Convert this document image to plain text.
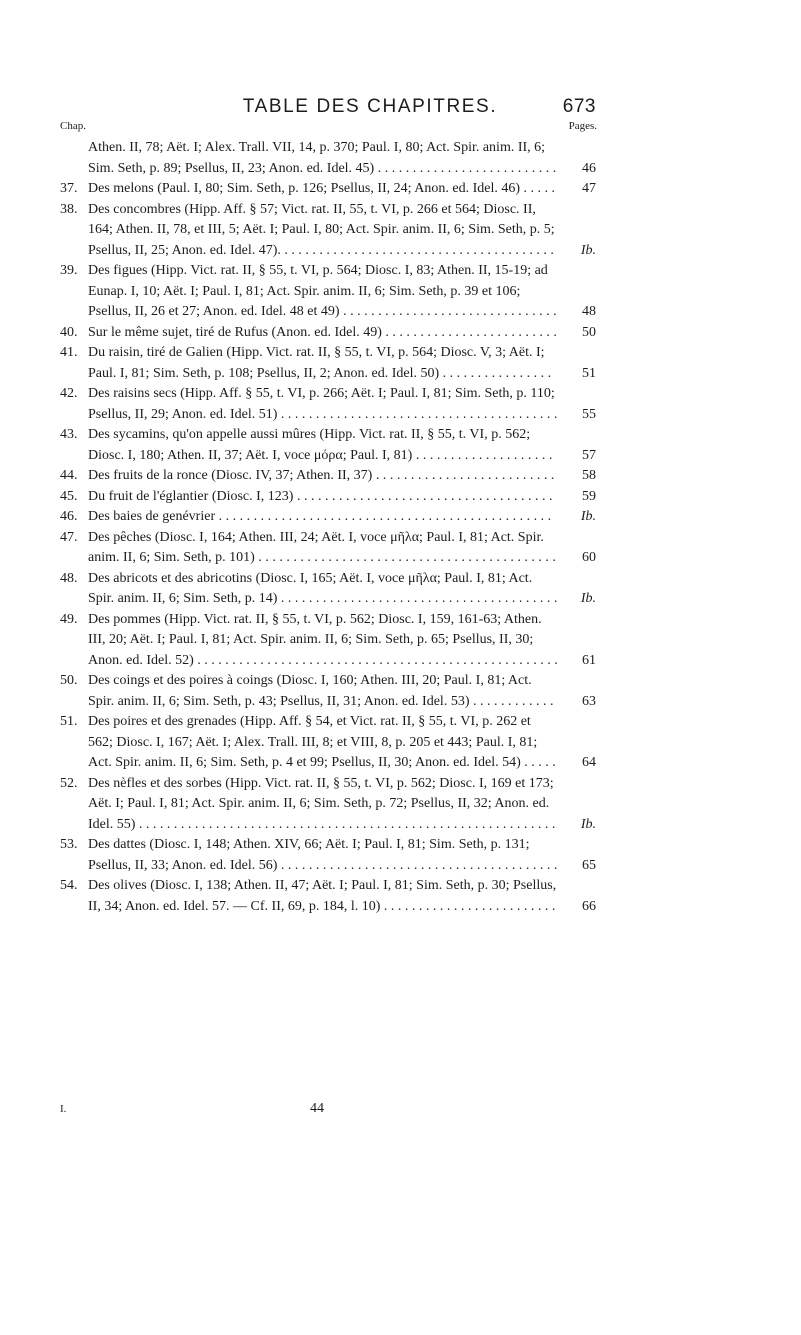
TABLE DES CHAPITRES.	673
Chap.	Pages.
Athen. II, 78; Aët. I; Alex. Trall. VII, 14, p. 370; Paul. I, 80; Act. Spir. anim. II, 6; Sim. Seth, p. 89; Psellus, II, 23; Anon. ed. Idel. 45) . . . . . . . . . . . . . . . . . . . . . . . . . .	46
37. Des melons (Paul. I, 80; Sim. Seth, p. 126; Psellus, II, 24; Anon. ed. Idel. 46) . . . . .	47
38. Des concombres (Hipp. Aff. § 57; Vict. rat. II, 55, t. VI, p. 266 et 564; Diosc. II, 164; Athen. II, 78, et III, 5; Aët. I; Paul. I, 80; Act. Spir. anim. II, 6; Sim. Seth, p. 5; Psellus, II, 25; Anon. ed. Idel. 47). . . . . . . . . . . . . . . . . . . . . . . . . . . . . . . . . . . . . . . .	Ib.
39. Des figues (Hipp. Vict. rat. II, § 55, t. VI, p. 564; Diosc. I, 83; Athen. II, 15-19; ad Eunap. I, 10; Aët. I; Paul. I, 81; Act. Spir. anim. II, 6; Sim. Seth, p. 39 et 106; Psellus, II, 26 et 27; Anon. ed. Idel. 48 et 49) . . . . . . . . . . . . . . . . . . . . . . . . . . . . . . .	48
40. Sur le même sujet, tiré de Rufus (Anon. ed. Idel. 49) . . . . . . . . . . . . . . . . . . . . . . . . .	50
41. Du raisin, tiré de Galien (Hipp. Vict. rat. II, § 55, t. VI, p. 564; Diosc. V, 3; Aët. I; Paul. I, 81; Sim. Seth, p. 108; Psellus, II, 2; Anon. ed. Idel. 50) . . . . . . . . . . . . . . . .	51
42. Des raisins secs (Hipp. Aff. § 55, t. VI, p. 266; Aët. I; Paul. I, 81; Sim. Seth, p. 110; Psellus, II, 29; Anon. ed. Idel. 51) . . . . . . . . . . . . . . . . . . . . . . . . . . . . . . . . . . . . . . . .	55
43. Des sycamins, qu'on appelle aussi mûres (Hipp. Vict. rat. II, § 55, t. VI, p. 562; Diosc. I, 180; Athen. II, 37; Aët. I, voce μόρα; Paul. I, 81) . . . . . . . . . . . . . . . . . . . .	57
44. Des fruits de la ronce (Diosc. IV, 37; Athen. II, 37) . . . . . . . . . . . . . . . . . . . . . . . . . .	58
45. Du fruit de l'églantier (Diosc. I, 123) . . . . . . . . . . . . . . . . . . . . . . . . . . . . . . . . . . . . .	59
46. Des baies de genévrier . . . . . . . . . . . . . . . . . . . . . . . . . . . . . . . . . . . . . . . . . . . . . . . .	Ib.
47. Des pêches (Diosc. I, 164; Athen. III, 24; Aët. I, voce μῆλα; Paul. I, 81; Act. Spir. anim. II, 6; Sim. Seth, p. 101) . . . . . . . . . . . . . . . . . . . . . . . . . . . . . . . . . . . . . . . . . . .	60
48. Des abricots et des abricotins (Diosc. I, 165; Aët. I, voce μῆλα; Paul. I, 81; Act. Spir. anim. II, 6; Sim. Seth, p. 14) . . . . . . . . . . . . . . . . . . . . . . . . . . . . . . . . . . . . . . . .	Ib.
49. Des pommes (Hipp. Vict. rat. II, § 55, t. VI, p. 562; Diosc. I, 159, 161-63; Athen. III, 20; Aët. I; Paul. I, 81; Act. Spir. anim. II, 6; Sim. Seth, p. 65; Psellus, II, 30; Anon. ed. Idel. 52) . . . . . . . . . . . . . . . . . . . . . . . . . . . . . . . . . . . . . . . . . . . . . . . . . . . .	61
50. Des coings et des poires à coings (Diosc. I, 160; Athen. III, 20; Paul. I, 81; Act. Spir. anim. II, 6; Sim. Seth, p. 43; Psellus, II, 31; Anon. ed. Idel. 53) . . . . . . . . . . . .	63
51. Des poires et des grenades (Hipp. Aff. § 54, et Vict. rat. II, § 55, t. VI, p. 262 et 562; Diosc. I, 167; Aët. I; Alex. Trall. III, 8; et VIII, 8, p. 205 et 443; Paul. I, 81; Act. Spir. anim. II, 6; Sim. Seth, p. 4 et 99; Psellus, II, 30; Anon. ed. Idel. 54) . . . . .	64
52. Des nèfles et des sorbes (Hipp. Vict. rat. II, § 55, t. VI, p. 562; Diosc. I, 169 et 173; Aët. I; Paul. I, 81; Act. Spir. anim. II, 6; Sim. Seth, p. 72; Psellus, II, 32; Anon. ed. Idel. 55) . . . . . . . . . . . . . . . . . . . . . . . . . . . . . . . . . . . . . . . . . . . . . . . . . . . . . . . . . . . .	Ib.
53. Des dattes (Diosc. I, 148; Athen. XIV, 66; Aët. I; Paul. I, 81; Sim. Seth, p. 131; Psellus, II, 33; Anon. ed. Idel. 56) . . . . . . . . . . . . . . . . . . . . . . . . . . . . . . . . . . . . . . . .	65
54. Des olives (Diosc. I, 138; Athen. II, 47; Aët. I; Paul. I, 81; Sim. Seth, p. 30; Psellus, II, 34; Anon. ed. Idel. 57. — Cf. II, 69, p. 184, l. 10) . . . . . . . . . . . . . . . . . . . . . . . . .	66
I.	44
